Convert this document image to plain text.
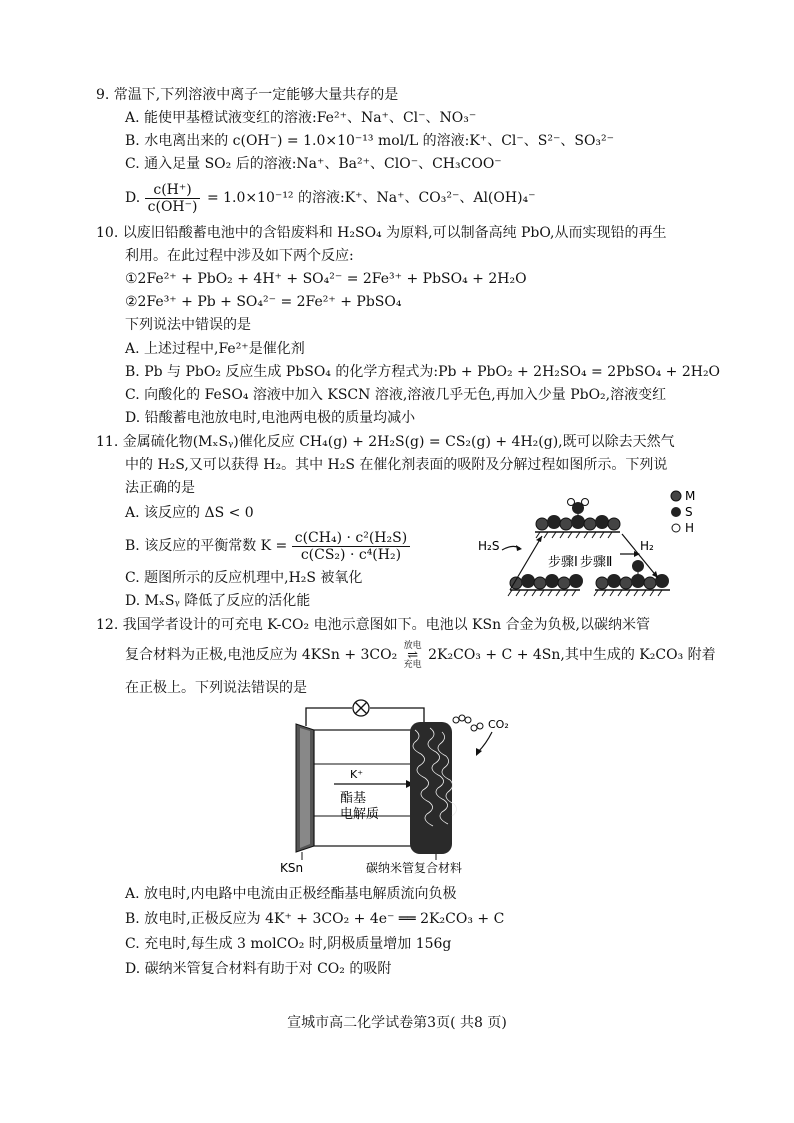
9. 常温下,下列溶液中离子一定能够大量共存的是
A. 能使甲基橙试液变红的溶液:Fe²⁺、Na⁺、Cl⁻、NO₃⁻
B. 水电离出来的 c(OH⁻) = 1.0×10⁻¹³ mol/L 的溶液:K⁺、Cl⁻、S²⁻、SO₃²⁻
C. 通入足量 SO₂ 后的溶液:Na⁺、Ba²⁺、ClO⁻、CH₃COO⁻
D. $\frac{c(H^+)}{c(OH^-)} = 1.0\times 10^{-12}$ 的溶液:K⁺、Na⁺、CO₃²⁻、Al(OH)₄⁻
10. 以废旧铅酸蓄电池中的含铅废料和 H₂SO₄ 为原料,可以制备高纯 PbO,从而实现铅的再生
利用。在此过程中涉及如下两个反应:
①2Fe²⁺ + PbO₂ + 4H⁺ + SO₄²⁻ = 2Fe³⁺ + PbSO₄ + 2H₂O
②2Fe³⁺ + Pb + SO₄²⁻ = 2Fe²⁺ + PbSO₄
下列说法中错误的是
A. 上述过程中,Fe²⁺是催化剂
B. Pb 与 PbO₂ 反应生成 PbSO₄ 的化学方程式为:Pb + PbO₂ + 2H₂SO₄ = 2PbSO₄ + 2H₂O
C. 向酸化的 FeSO₄ 溶液中加入 KSCN 溶液,溶液几乎无色,再加入少量 PbO₂,溶液变红
D. 铅酸蓄电池放电时,电池两电极的质量均减小
11. 金属硫化物(MₓSᵧ)催化反应 CH₄(g) + 2H₂S(g) = CS₂(g) + 4H₂(g),既可以除去天然气
中的 H₂S,又可以获得 H₂。其中 H₂S 在催化剂表面的吸附及分解过程如图所示。下列说
法正确的是
A. 该反应的 ΔS < 0
B. 该反应的平衡常数 $K = \frac{\text{c(CH₄) · c²(H₂S)}}{\text{c(CS₂) · c⁴(H₂)}}$
C. 题图所示的反应机理中,H₂S 被氧化
D. MₓSᵧ 降低了反应的活化能
H₂S	H₂
步骤Ⅰ 步骤Ⅱ
M
S
H
12. 我国学者设计的可充电 K-CO₂ 电池示意图如下。电池以 KSn 合金为负极,以碳纳米管
复合材料为正极,电池反应为 4KSn + 3CO₂
放电
⇌
充电
2K₂CO₃ + C + 4Sn,其中生成的 K₂CO₃ 附着
在正极上。下列说法错误的是
K⁺
酯基
电解质
CO₂
KSn	碳纳米管复合材料
A. 放电时,内电路中电流由正极经酯基电解质流向负极
B. 放电时,正极反应为 4K⁺ + 3CO₂ + 4e⁻ ══ 2K₂CO₃ + C
C. 充电时,每生成 3 molCO₂ 时,阴极质量增加 156g
D. 碳纳米管复合材料有助于对 CO₂ 的吸附
宣城市高二化学试卷第3页( 共8 页)
